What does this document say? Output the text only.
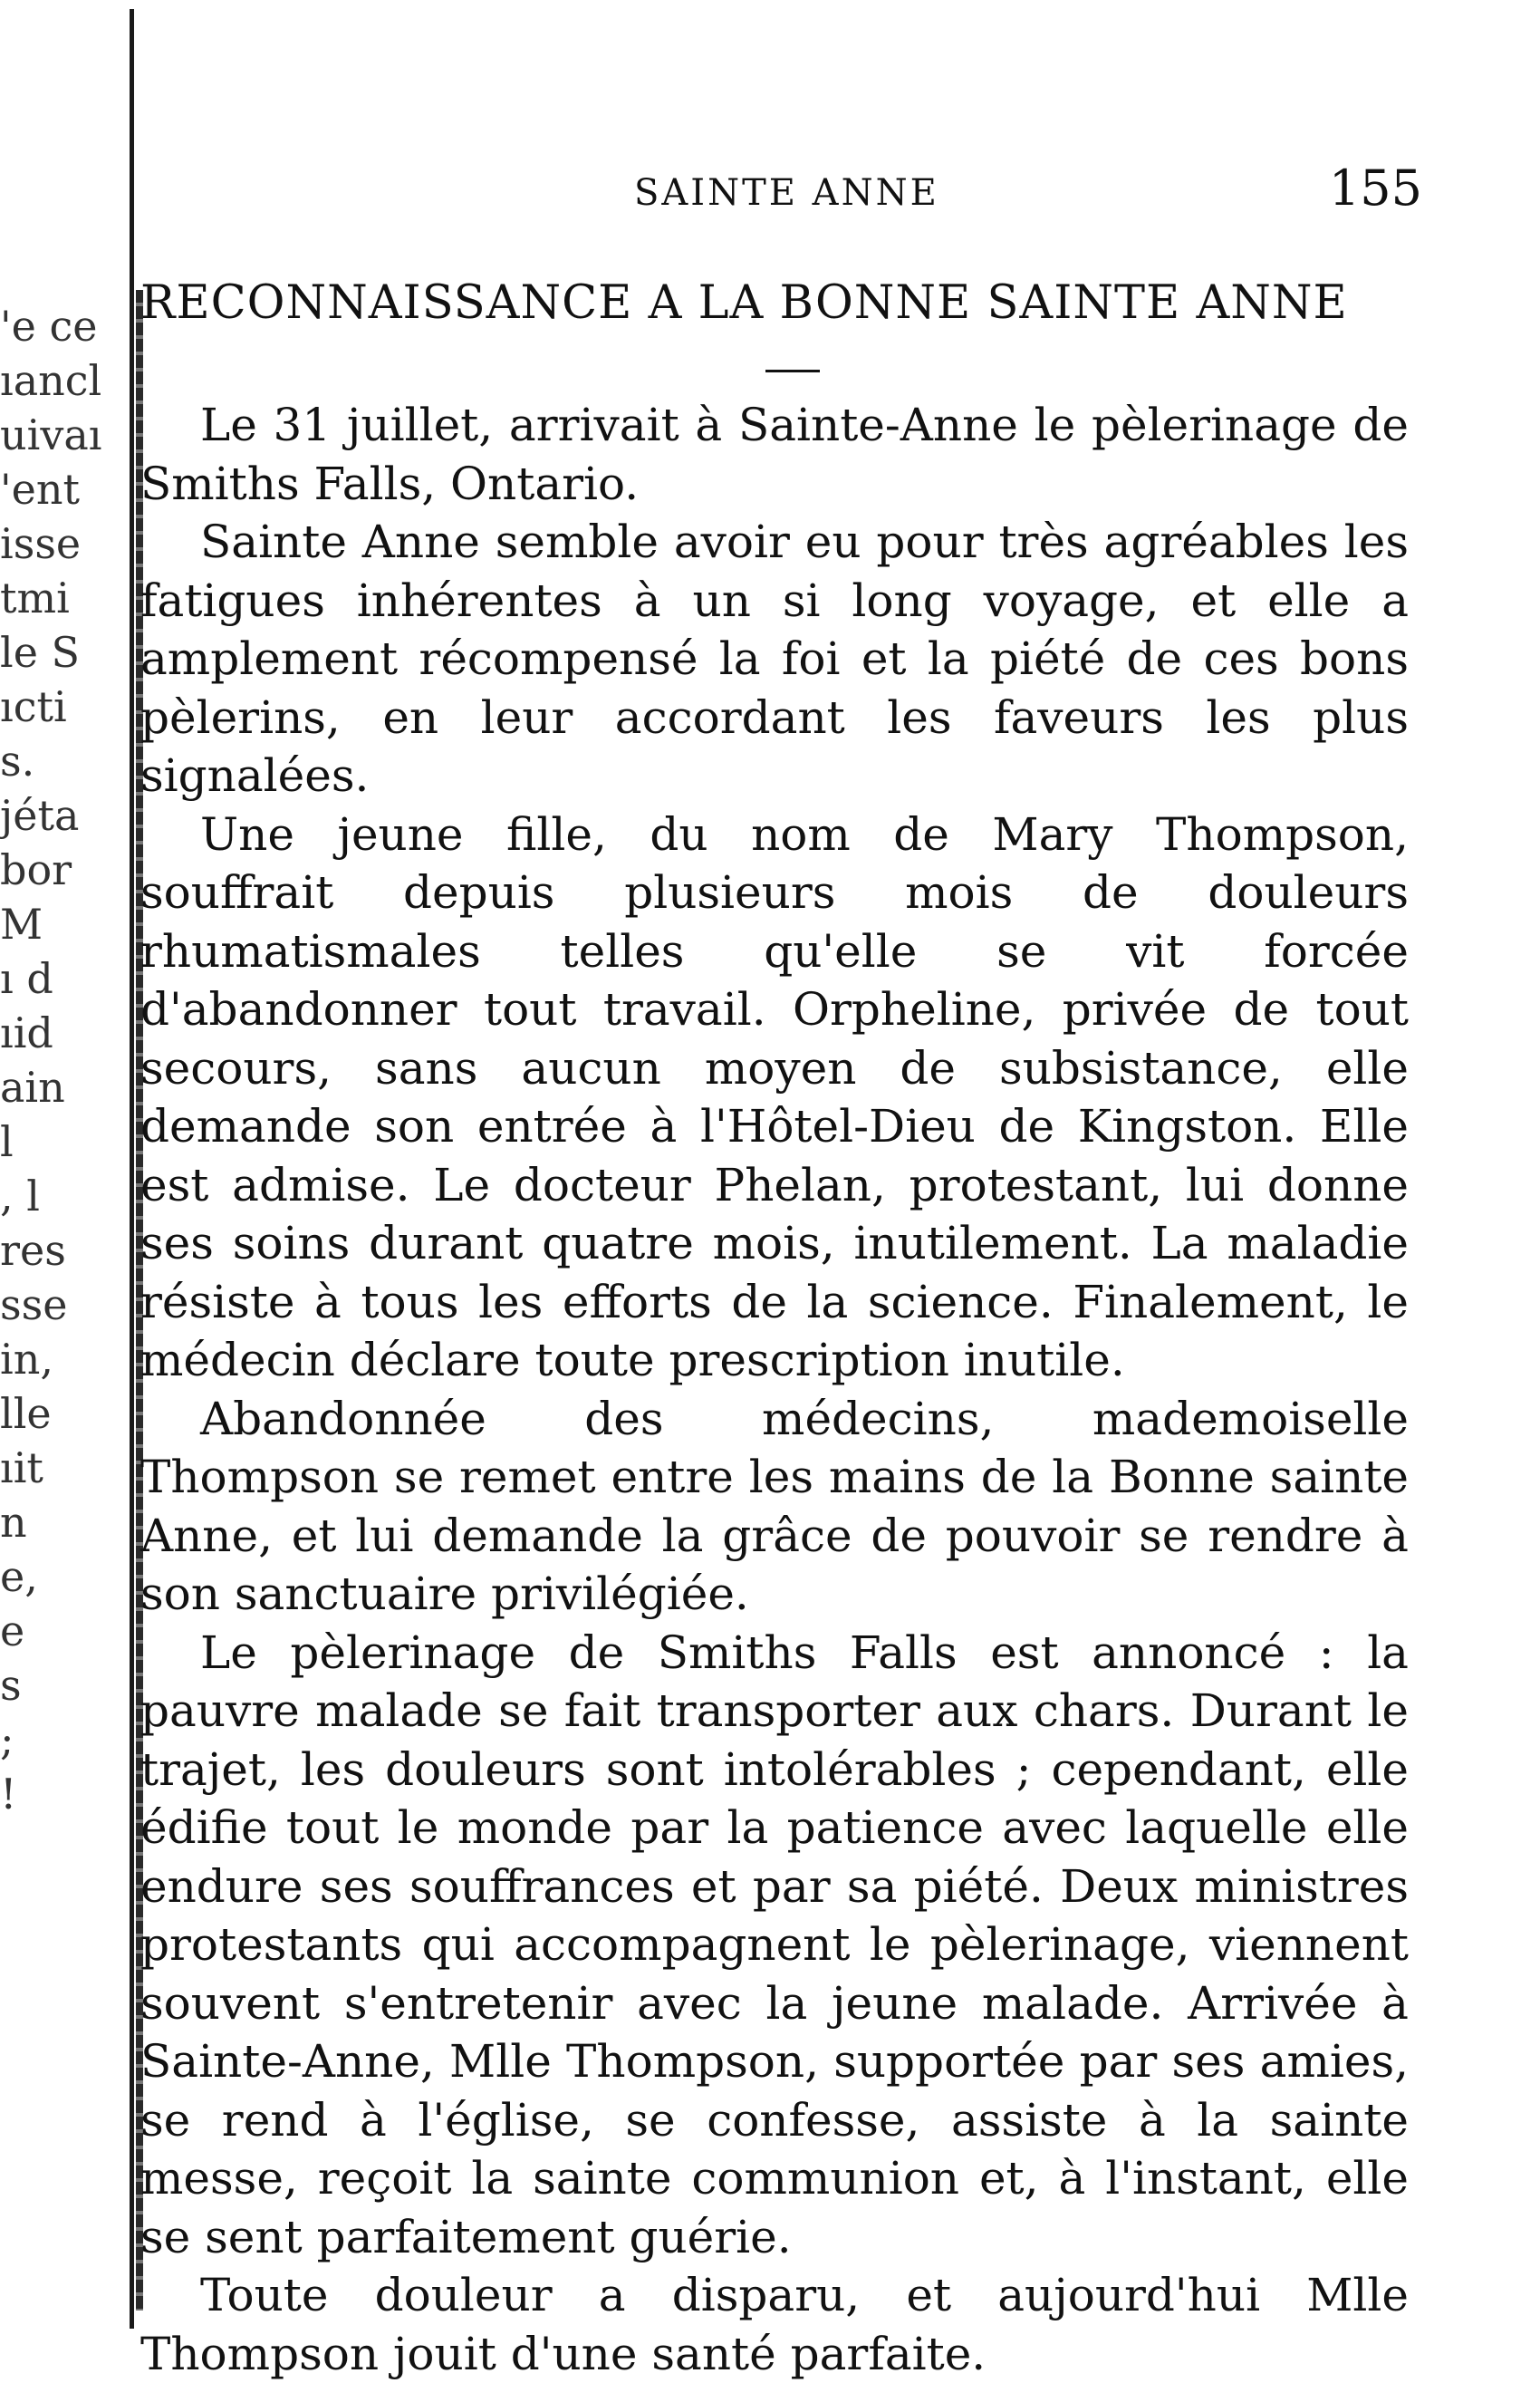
'e ce
ıancl
uivaı
'ent
isse
tmi
le S
ıcti
s.
jéta
bor
M
ı d
ıid
ain
l
, l
res
sse
in,
lle
ıit
n
e,
e
s
;
!
SAINTE ANNE	155
RECONNAISSANCE A LA BONNE SAINTE ANNE

Le 31 juillet, arrivait à Sainte-Anne le pèlerinage de Smiths Falls, Ontario.

Sainte Anne semble avoir eu pour très agréables les fatigues inhérentes à un si long voyage, et elle a amplement récompensé la foi et la piété de ces bons pèlerins, en leur accordant les faveurs les plus signalées.

Une jeune fille, du nom de Mary Thompson, souffrait depuis plusieurs mois de douleurs rhumatismales telles qu'elle se vit forcée d'abandonner tout travail. Orpheline, privée de tout secours, sans aucun moyen de subsistance, elle demande son entrée à l'Hôtel-Dieu de Kingston. Elle est admise. Le docteur Phelan, protestant, lui donne ses soins durant quatre mois, inutilement. La maladie résiste à tous les efforts de la science. Finalement, le médecin déclare toute prescription inutile.

Abandonnée des médecins, mademoiselle Thompson se remet entre les mains de la Bonne sainte Anne, et lui demande la grâce de pouvoir se rendre à son sanctuaire privilégiée.

Le pèlerinage de Smiths Falls est annoncé : la pauvre malade se fait transporter aux chars. Durant le trajet, les douleurs sont intolérables ; cependant, elle édifie tout le monde par la patience avec laquelle elle endure ses souffrances et par sa piété. Deux ministres protestants qui accompagnent le pèlerinage, viennent souvent s'entretenir avec la jeune malade. Arrivée à Sainte-Anne, Mlle Thompson, supportée par ses amies, se rend à l'église, se confesse, assiste à la sainte messe, reçoit la sainte communion et, à l'instant, elle se sent parfaitement guérie.

Toute douleur a disparu, et aujourd'hui Mlle Thompson jouit d'une santé parfaite.
